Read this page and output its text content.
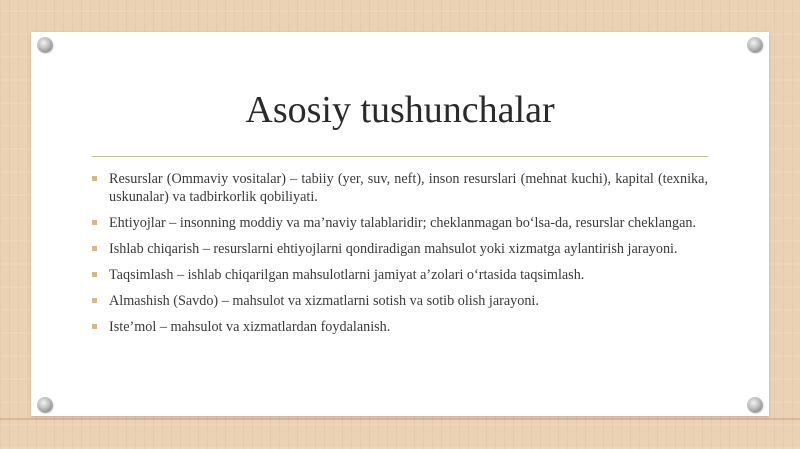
Asosiy tushunchalar
Resurslar (Ommaviy vositalar) – tabiiy (yer, suv, neft), inson resurslari (mehnat kuchi), kapital (texnika, uskunalar) va tadbirkorlik qobiliyati.
Ehtiyojlar – insonning moddiy va ma’naviy talablaridir; cheklanmagan bo‘lsa-da, resurslar cheklangan.
Ishlab chiqarish – resurslarni ehtiyojlarni qondiradigan mahsulot yoki xizmatga aylantirish jarayoni.
Taqsimlash – ishlab chiqarilgan mahsulotlarni jamiyat a’zolari o‘rtasida taqsimlash.
Almashish (Savdo) – mahsulot va xizmatlarni sotish va sotib olish jarayoni.
Iste’mol – mahsulot va xizmatlardan foydalanish.
